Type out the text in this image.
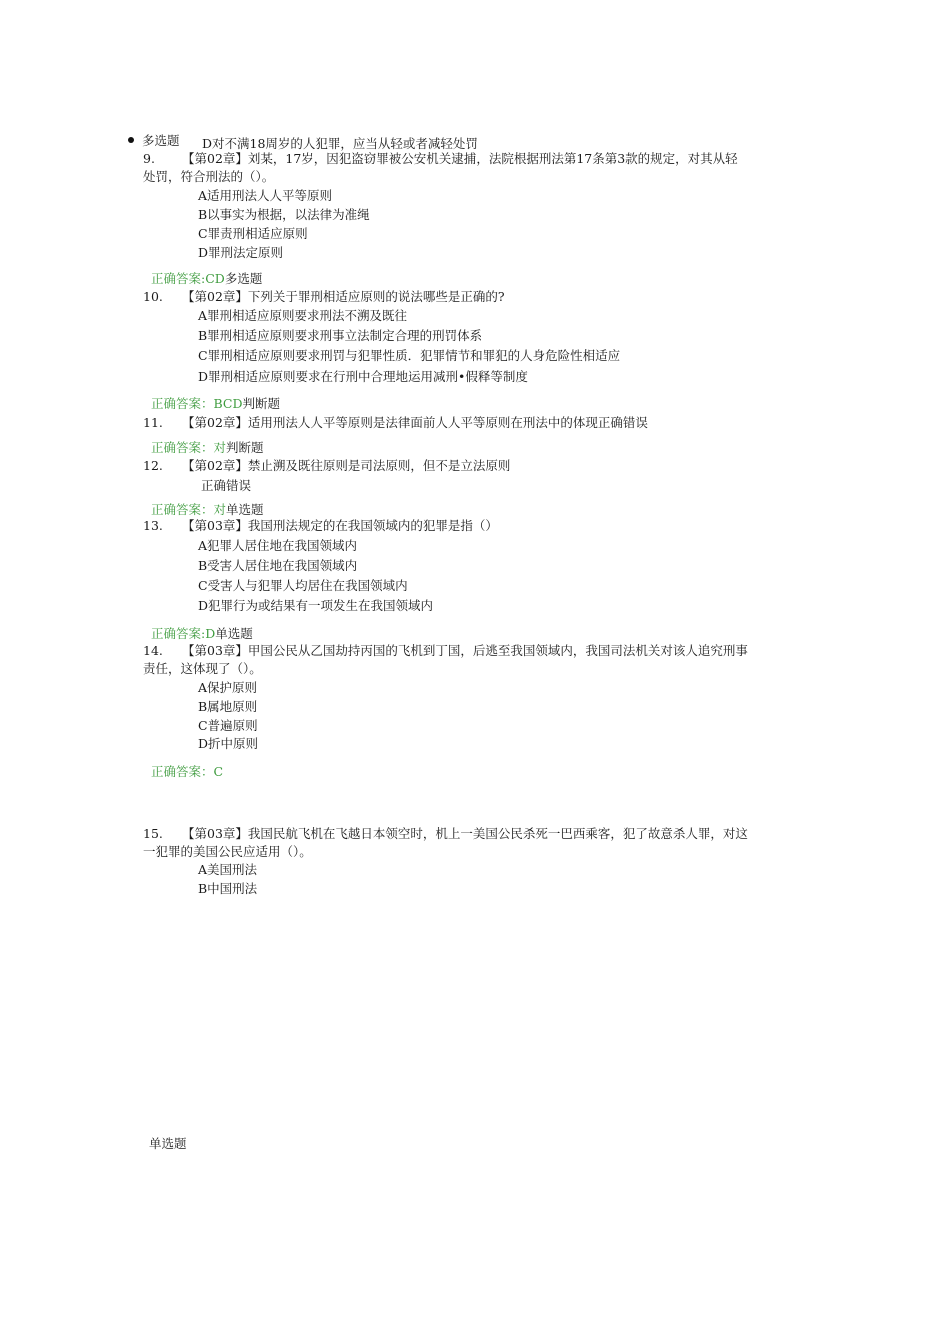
多选题 D对不满18周岁的人犯罪，应当从轻或者减轻处罚
9. 【第02章】刘某，17岁，因犯盗窃罪被公安机关逮捕，法院根据刑法第17条第3款的规定，对其从轻
处罚，符合刑法的（）。
A适用刑法人人平等原则
B以事实为根据，以法律为准绳
C罪责刑相适应原则
D罪刑法定原则
正确答案:CD多选题
10. 【第02章】下列关于罪刑相适应原则的说法哪些是正确的?
A罪刑相适应原则要求刑法不溯及既往
B罪刑相适应原则要求刑事立法制定合理的刑罚体系
C罪刑相适应原则要求刑罚与犯罪性质．犯罪情节和罪犯的人身危险性相适应
D罪刑相适应原则要求在行刑中合理地运用减刑•假释等制度
正确答案：BCD判断题
11. 【第02章】适用刑法人人平等原则是法律面前人人平等原则在刑法中的体现正确错误
正确答案：对判断题
12. 【第02章】禁止溯及既往原则是司法原则，但不是立法原则
正确错误
正确答案：对单选题
13. 【第03章】我国刑法规定的在我国领域内的犯罪是指（）
A犯罪人居住地在我国领域内
B受害人居住地在我国领域内
C受害人与犯罪人均居住在我国领域内
D犯罪行为或结果有一项发生在我国领域内
正确答案:D单选题
14. 【第03章】甲国公民从乙国劫持丙国的飞机到丁国，后逃至我国领域内，我国司法机关对该人追究刑事
责任，这体现了（）。
A保护原则
B属地原则
C普遍原则
D折中原则
正确答案：C
15. 【第03章】我国民航飞机在飞越日本领空时，机上一美国公民杀死一巴西乘客，犯了故意杀人罪，对这
一犯罪的美国公民应适用（）。
A美国刑法
B中国刑法
单选题
